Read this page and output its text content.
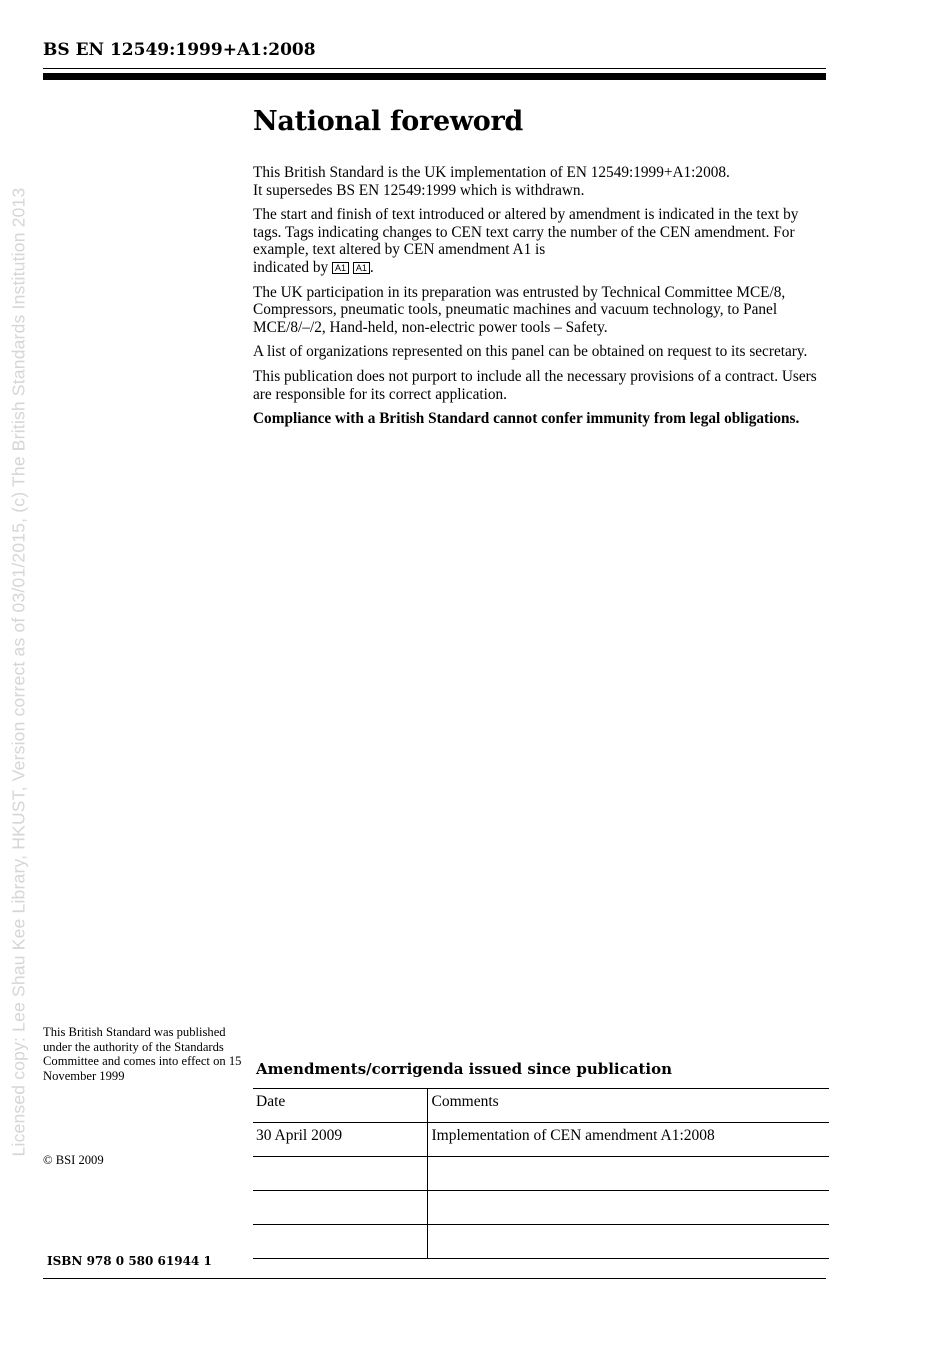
BS EN 12549:1999+A1:2008
Licensed copy: Lee Shau Kee Library, HKUST, Version correct as of 03/01/2015, (c) The British Standards Institution 2013
National foreword

This British Standard is the UK implementation of EN 12549:1999+A1:2008.
It supersedes BS EN 12549:1999 which is withdrawn.

The start and finish of text introduced or altered by amendment is indicated in the text by tags. Tags indicating changes to CEN text carry the number of the CEN amendment. For example, text altered by CEN amendment A1 is
indicated by A1 A1 .

The UK participation in its preparation was entrusted by Technical Committee MCE/8, Compressors, pneumatic tools, pneumatic machines and vacuum technology, to Panel MCE/8/–/2, Hand-held, non-electric power tools – Safety.

A list of organizations represented on this panel can be obtained on request to its secretary.

This publication does not purport to include all the necessary provisions of a contract. Users are responsible for its correct application.

Compliance with a British Standard cannot confer immunity from legal obligations.

This British Standard was published under the authority of the Standards Committee and comes into effect on 15 November 1999
© BSI 2009
ISBN 978 0 580 61944 1
Amendments/corrigenda issued since publication
Date	Comments
30 April 2009	Implementation of CEN amendment A1:2008
